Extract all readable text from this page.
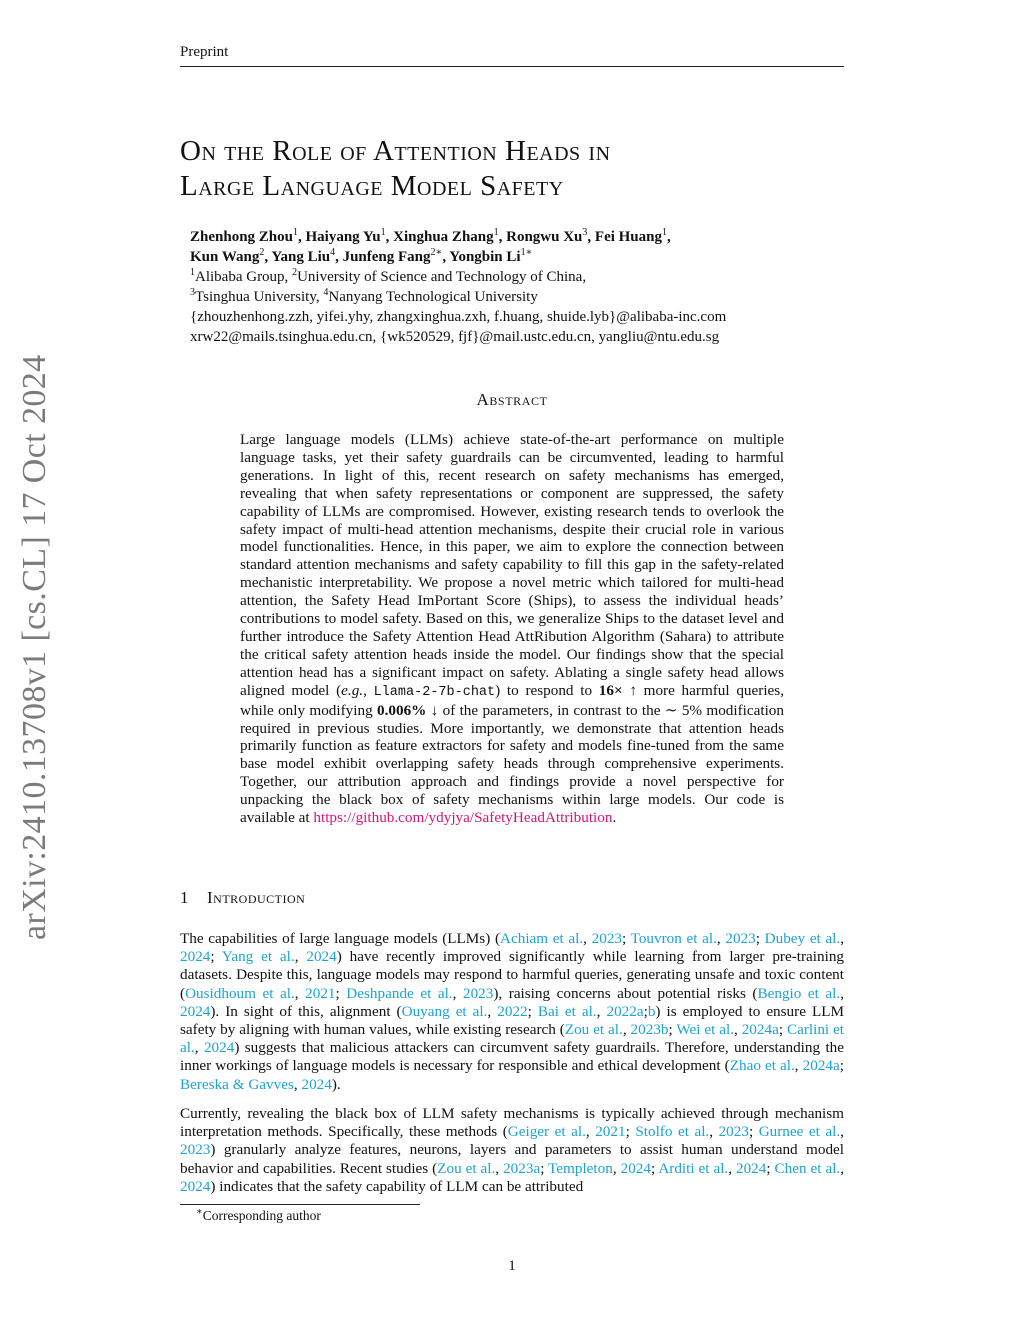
Preprint
arXiv:2410.13708v1 [cs.CL] 17 Oct 2024
On the Role of Attention Heads in
Large Language Model Safety
Zhenhong Zhou$^1$, Haiyang Yu$^1$, Xinghua Zhang$^1$, Rongwu Xu$^3$, Fei Huang$^1$,
Kun Wang$^2$, Yang Liu$^4$, Junfeng Fang$^{2∗}$, Yongbin $Li^{1∗}$
$^1$Alibaba Group, $^2$University of Science and Technology of China,
$^3$Tsinghua University, $^4$Nanyang Technological University
{zhouzhenhong.zzh, yifei.yhy, zhangxinghua.zxh, f.huang, shuide.lyb}@alibaba-inc.com
xrw22@mails.tsinghua.edu.cn, {wk520529, fjf}@mail.ustc.edu.cn, yangliu@ntu.edu.sg
Abstract
Large language models (LLMs) achieve state-of-the-art performance on multiple language tasks, yet their safety guardrails can be circumvented, leading to harmful generations. In light of this, recent research on safety mechanisms has emerged, revealing that when safety representations or component are suppressed, the safety capability of LLMs are compromised. However, existing research tends to overlook the safety impact of multi-head attention mechanisms, despite their crucial role in various model functionalities. Hence, in this paper, we aim to explore the connection between standard attention mechanisms and safety capability to fill this gap in the safety-related mechanistic interpretability. We propose a novel metric which tailored for multi-head attention, the Safety Head ImPortant Score (Ships), to assess the individual heads’ contributions to model safety. Based on this, we generalize Ships to the dataset level and further introduce the Safety Attention Head AttRibution Algorithm (Sahara) to attribute the critical safety attention heads inside the model. Our findings show that the special attention head has a significant impact on safety. Ablating a single safety head allows aligned model (e.g., Llama-2-7b-chat) to respond to 16× ↑ more harmful queries, while only modifying 0.006% ↓ of the parameters, in contrast to the ∼ 5% modification required in previous studies. More importantly, we demonstrate that attention heads primarily function as feature extractors for safety and models fine-tuned from the same base model exhibit overlapping safety heads through comprehensive experiments. Together, our attribution approach and findings provide a novel perspective for unpacking the black box of safety mechanisms within large models. Our code is available at https://github.com/ydyjya/SafetyHeadAttribution.
1 Introduction
The capabilities of large language models (LLMs) (Achiam et al., 2023; Touvron et al., 2023; Dubey et al., 2024; Yang et al., 2024) have recently improved significantly while learning from larger pre-training datasets. Despite this, language models may respond to harmful queries, generating unsafe and toxic content (Ousidhoum et al., 2021; Deshpande et al., 2023), raising concerns about potential risks (Bengio et al., 2024). In sight of this, alignment (Ouyang et al., 2022; Bai et al., 2022a;b) is employed to ensure LLM safety by aligning with human values, while existing research (Zou et al., 2023b; Wei et al., 2024a; Carlini et al., 2024) suggests that malicious attackers can circumvent safety guardrails. Therefore, understanding the inner workings of language models is necessary for responsible and ethical development (Zhao et al., 2024a; Bereska & Gavves, 2024).
Currently, revealing the black box of LLM safety mechanisms is typically achieved through mechanism interpretation methods. Specifically, these methods (Geiger et al., 2021; Stolfo et al., 2023; Gurnee et al., 2023) granularly analyze features, neurons, layers and parameters to assist human understand model behavior and capabilities. Recent studies (Zou et al., 2023a; Templeton, 2024; Arditi et al., 2024; Chen et al., 2024) indicates that the safety capability of LLM can be attributed
∗Corresponding author
1
